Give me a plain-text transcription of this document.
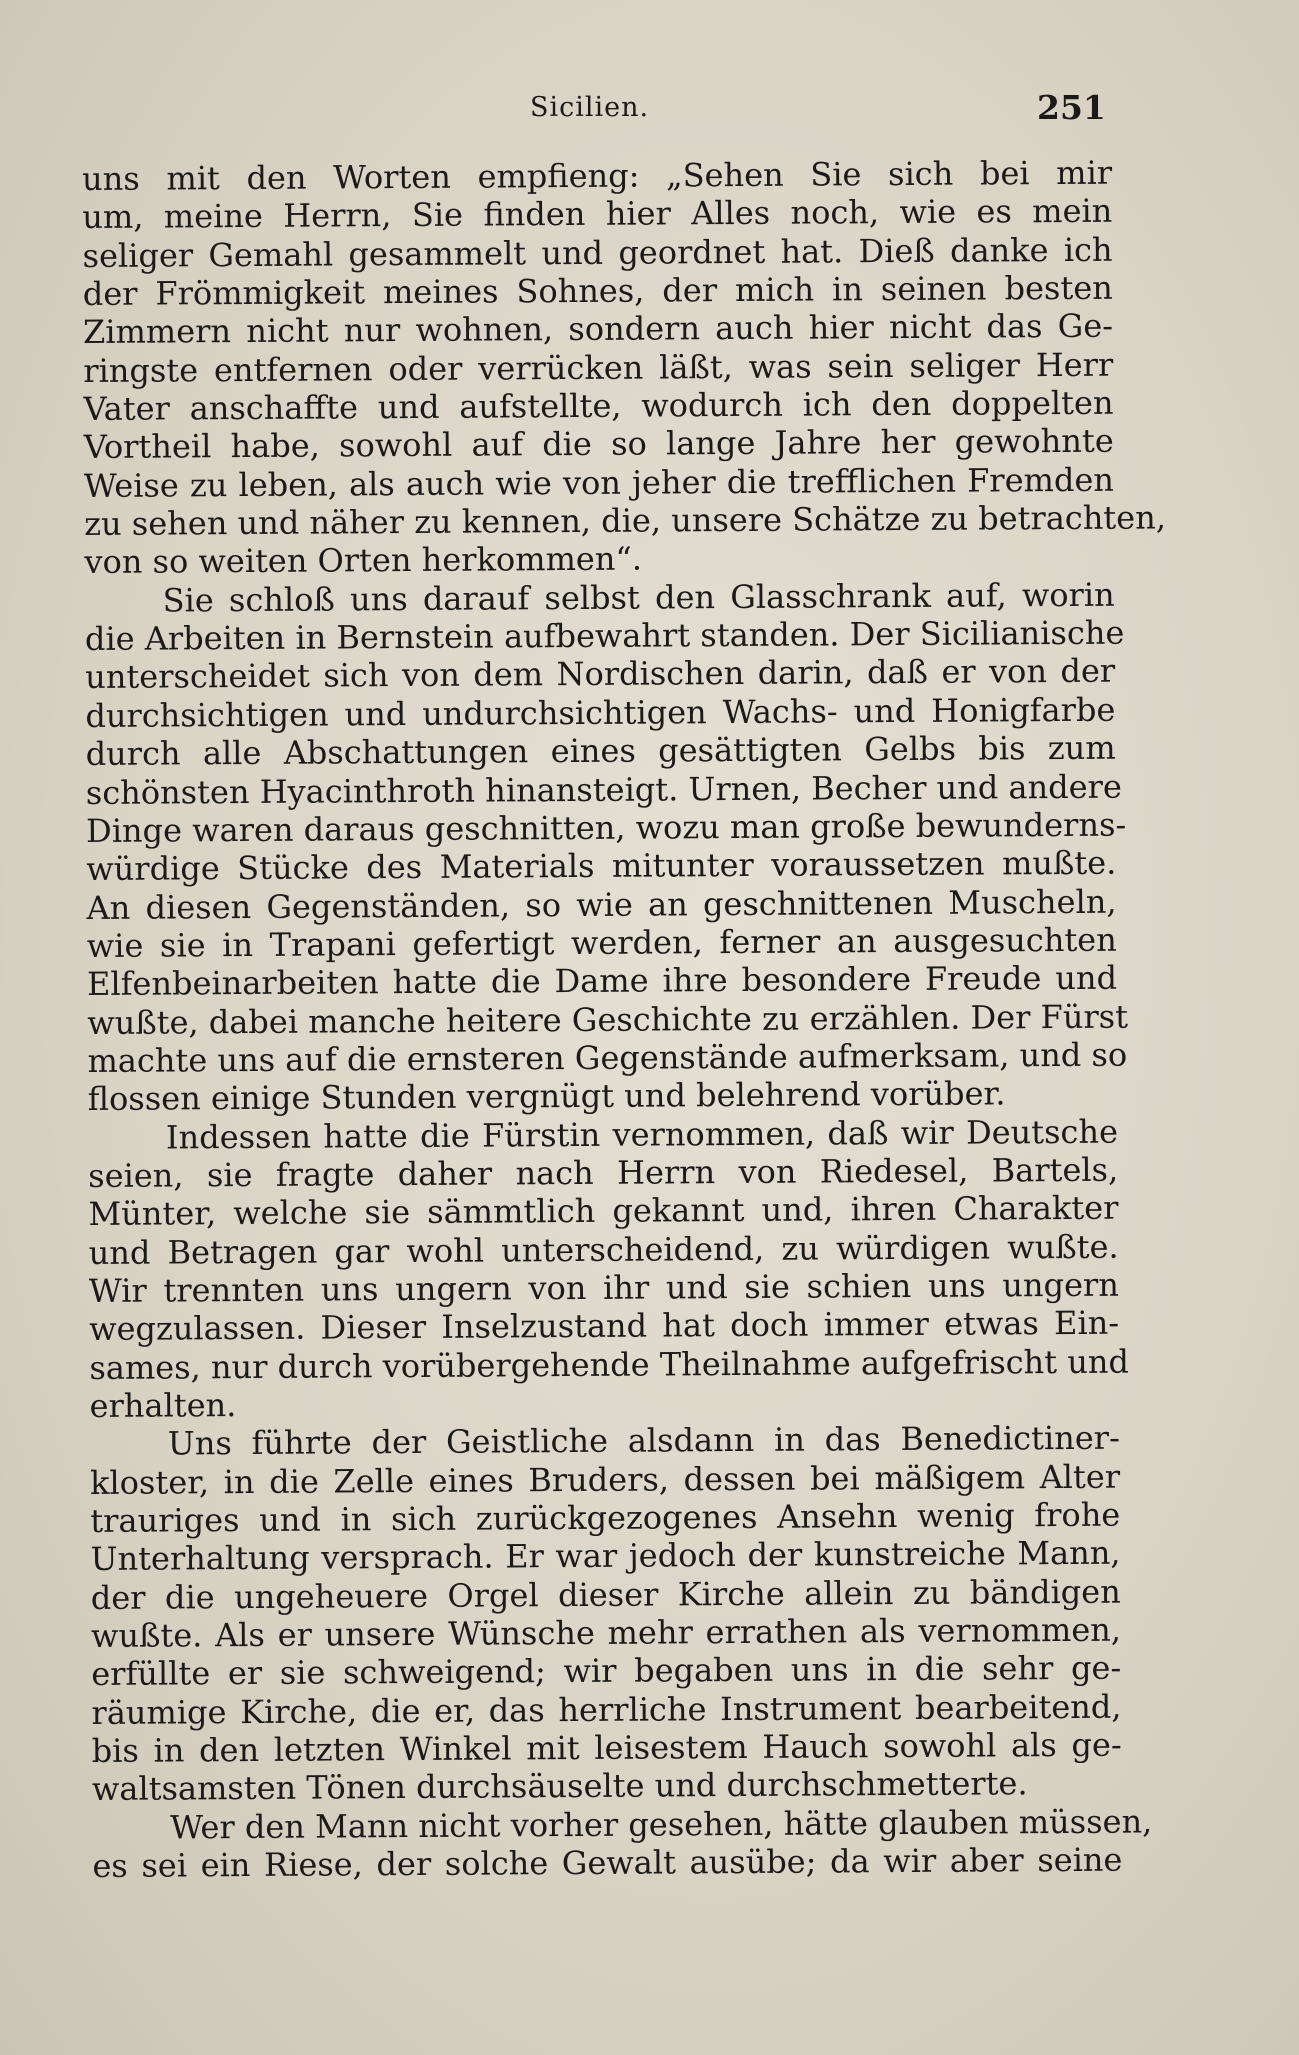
Sicilien.	251
uns mit den Worten empfieng: „Sehen Sie sich bei mir
um, meine Herrn, Sie finden hier Alles noch, wie es mein
seliger Gemahl gesammelt und geordnet hat. Dieß danke ich
der Frömmigkeit meines Sohnes, der mich in seinen besten
Zimmern nicht nur wohnen, sondern auch hier nicht das Ge-
ringste entfernen oder verrücken läßt, was sein seliger Herr
Vater anschaffte und aufstellte, wodurch ich den doppelten
Vortheil habe, sowohl auf die so lange Jahre her gewohnte
Weise zu leben, als auch wie von jeher die trefflichen Fremden
zu sehen und näher zu kennen, die, unsere Schätze zu betrachten,
von so weiten Orten herkommen“.
Sie schloß uns darauf selbst den Glasschrank auf, worin
die Arbeiten in Bernstein aufbewahrt standen. Der Sicilianische
unterscheidet sich von dem Nordischen darin, daß er von der
durchsichtigen und undurchsichtigen Wachs- und Honigfarbe
durch alle Abschattungen eines gesättigten Gelbs bis zum
schönsten Hyacinthroth hinansteigt. Urnen, Becher und andere
Dinge waren daraus geschnitten, wozu man große bewunderns-
würdige Stücke des Materials mitunter voraussetzen mußte.
An diesen Gegenständen, so wie an geschnittenen Muscheln,
wie sie in Trapani gefertigt werden, ferner an ausgesuchten
Elfenbeinarbeiten hatte die Dame ihre besondere Freude und
wußte, dabei manche heitere Geschichte zu erzählen. Der Fürst
machte uns auf die ernsteren Gegenstände aufmerksam, und so
flossen einige Stunden vergnügt und belehrend vorüber.
Indessen hatte die Fürstin vernommen, daß wir Deutsche
seien, sie fragte daher nach Herrn von Riedesel, Bartels,
Münter, welche sie sämmtlich gekannt und, ihren Charakter
und Betragen gar wohl unterscheidend, zu würdigen wußte.
Wir trennten uns ungern von ihr und sie schien uns ungern
wegzulassen. Dieser Inselzustand hat doch immer etwas Ein-
sames, nur durch vorübergehende Theilnahme aufgefrischt und
erhalten.
Uns führte der Geistliche alsdann in das Benedictiner-
kloster, in die Zelle eines Bruders, dessen bei mäßigem Alter
trauriges und in sich zurückgezogenes Ansehn wenig frohe
Unterhaltung versprach. Er war jedoch der kunstreiche Mann,
der die ungeheuere Orgel dieser Kirche allein zu bändigen
wußte. Als er unsere Wünsche mehr errathen als vernommen,
erfüllte er sie schweigend; wir begaben uns in die sehr ge-
räumige Kirche, die er, das herrliche Instrument bearbeitend,
bis in den letzten Winkel mit leisestem Hauch sowohl als ge-
waltsamsten Tönen durchsäuselte und durchschmetterte.
Wer den Mann nicht vorher gesehen, hätte glauben müssen,
es sei ein Riese, der solche Gewalt ausübe; da wir aber seine
